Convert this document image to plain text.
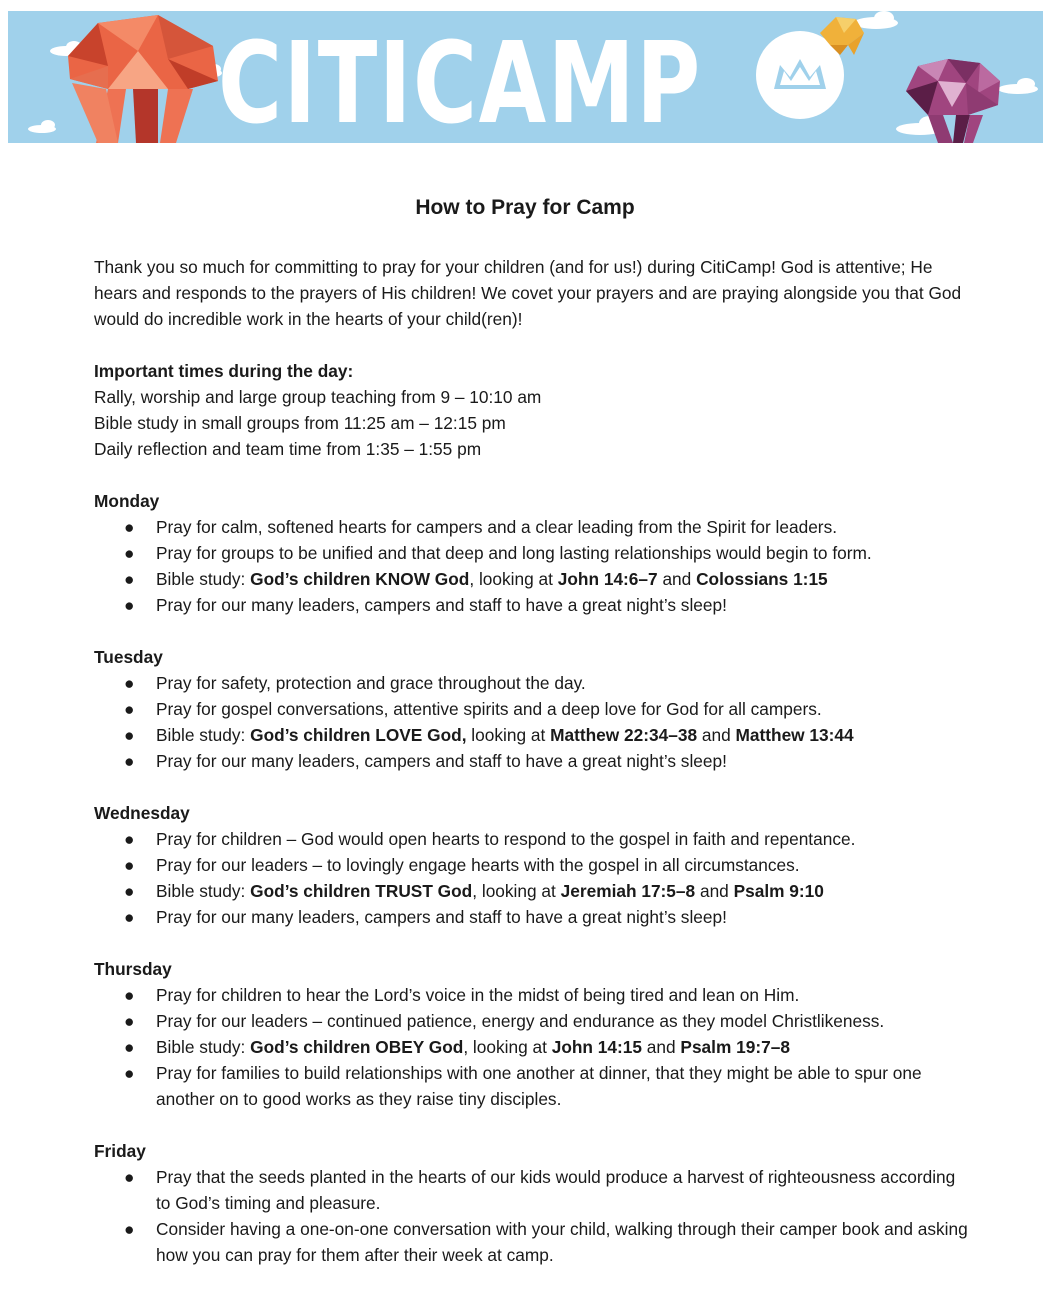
CITICAMP
How to Pray for Camp

Thank you so much for committing to pray for your children (and for us!) during CitiCamp! God is attentive; He hears and responds to the prayers of His children! We covet your prayers and are praying alongside you that God would do incredible work in the hearts of your child(ren)!

Important times during the day:
Rally, worship and large group teaching from 9 – 10:10 am
Bible study in small groups from 11:25 am – 12:15 pm
Daily reflection and team time from 1:35 – 1:55 pm
Monday
● Pray for calm, softened hearts for campers and a clear leading from the Spirit for leaders.
● Pray for groups to be unified and that deep and long lasting relationships would begin to form.
● Bible study: God’s children KNOW God, looking at John 14:6–7 and Colossians 1:15
● Pray for our many leaders, campers and staff to have a great night’s sleep!
Tuesday
● Pray for safety, protection and grace throughout the day.
● Pray for gospel conversations, attentive spirits and a deep love for God for all campers.
● Bible study: God’s children LOVE God, looking at Matthew 22:34–38 and Matthew 13:44
● Pray for our many leaders, campers and staff to have a great night’s sleep!
Wednesday
● Pray for children – God would open hearts to respond to the gospel in faith and repentance.
● Pray for our leaders – to lovingly engage hearts with the gospel in all circumstances.
● Bible study: God’s children TRUST God, looking at Jeremiah 17:5–8 and Psalm 9:10
● Pray for our many leaders, campers and staff to have a great night’s sleep!
Thursday
● Pray for children to hear the Lord’s voice in the midst of being tired and lean on Him.
● Pray for our leaders – continued patience, energy and endurance as they model Christlikeness.
● Bible study: God’s children OBEY God, looking at John 14:15 and Psalm 19:7–8
● Pray for families to build relationships with one another at dinner, that they might be able to spur one another on to good works as they raise tiny disciples.
Friday
● Pray that the seeds planted in the hearts of our kids would produce a harvest of righteousness according to God’s timing and pleasure.
● Consider having a one-on-one conversation with your child, walking through their camper book and asking how you can pray for them after their week at camp.
